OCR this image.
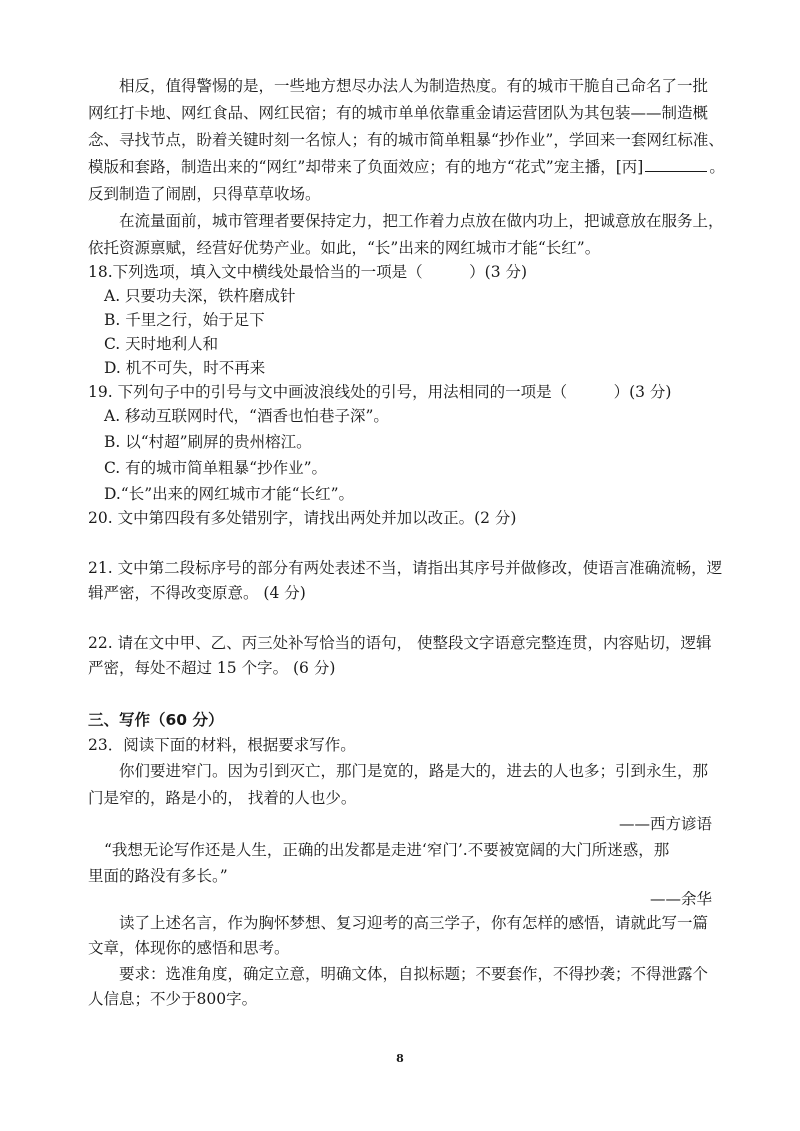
相反，值得警惕的是，一些地方想尽办法人为制造热度。有的城市干脆自己命名了一批
网红打卡地、网红食品、网红民宿；有的城市单单依靠重金请运营团队为其包装——制造概
念、寻找节点，盼着关键时刻一名惊人；有的城市简单粗暴“抄作业”，学回来一套网红标准、
模版和套路，制造出来的“网红”却带来了负面效应；有的地方“花式”宠主播，[丙]	。
反到制造了闹剧，只得草草收场。
在流量面前，城市管理者要保持定力，把工作着力点放在做内功上，把诚意放在服务上，
依托资源禀赋，经营好优势产业。如此，“长”出来的网红城市才能“长红”。
18.下列选项，填入文中横线处最恰当的一项是（　　　）(3 分)
A. 只要功夫深，铁杵磨成针
B. 千里之行，始于足下
C. 天时地利人和
D. 机不可失，时不再来
19. 下列句子中的引号与文中画波浪线处的引号，用法相同的一项是（　　　）(3 分)
A. 移动互联网时代，“酒香也怕巷子深”。
B. 以“村超”刷屏的贵州榕江。
C. 有的城市简单粗暴“抄作业”。
D.“长”出来的网红城市才能“长红”。
20. 文中第四段有多处错别字，请找出两处并加以改正。(2 分)
21. 文中第二段标序号的部分有两处表述不当，请指出其序号并做修改，使语言准确流畅，逻
辑严密，不得改变原意。 (4 分)
22. 请在文中甲、乙、丙三处补写恰当的语句， 使整段文字语意完整连贯，内容贴切，逻辑
严密，每处不超过 15 个字。 (6 分)
三、写作（60 分）
23．阅读下面的材料，根据要求写作。
你们要进窄门。因为引到灭亡，那门是宽的，路是大的，进去的人也多；引到永生，那
门是窄的，路是小的， 找着的人也少。
——西方谚语
“我想无论写作还是人生，正确的出发都是走进‘窄门’.不要被宽阔的大门所迷惑，那
里面的路没有多长。”
——余华
读了上述名言，作为胸怀梦想、复习迎考的高三学子，你有怎样的感悟，请就此写一篇
文章，体现你的感悟和思考。
要求：选准角度，确定立意，明确文体，自拟标题；不要套作，不得抄袭；不得泄露个
人信息；不少于800字。
8
